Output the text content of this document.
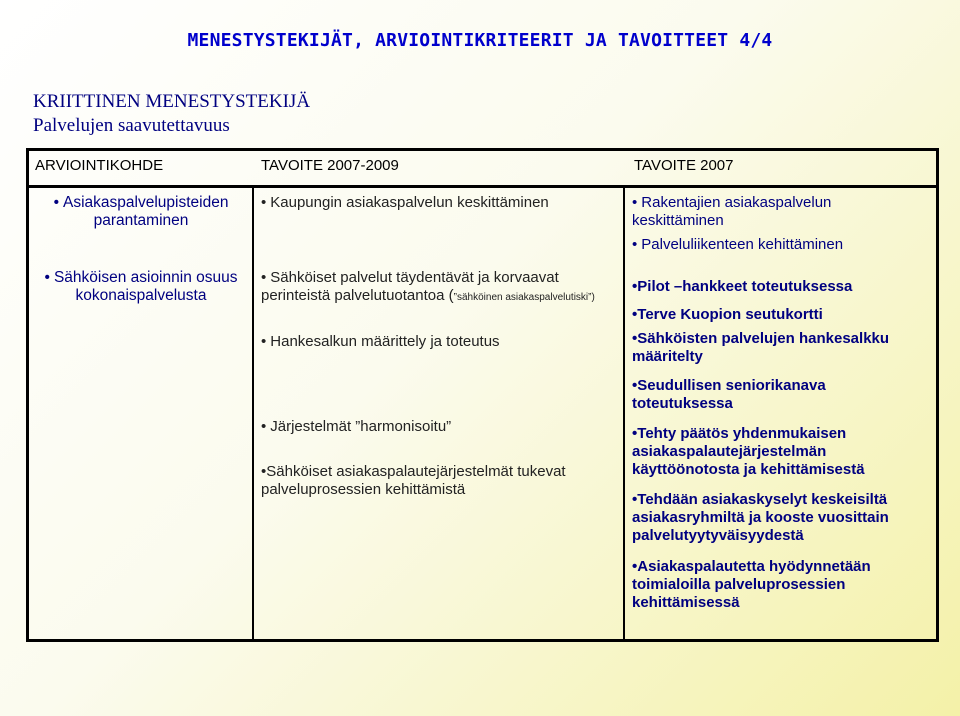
MENESTYSTEKIJÄT, ARVIOINTIKRITEERIT JA TAVOITTEET 4/4
KRIITTINEN MENESTYSTEKIJÄ
Palvelujen saavutettavuus
ARVIOINTIKOHDE	TAVOITE 2007-2009	TAVOITE 2007
• Asiakaspalvelupisteiden parantaminen
• Sähköisen asioinnin osuus kokonaispalvelusta
• Kaupungin asiakaspalvelun keskittäminen
• Sähköiset palvelut täydentävät ja korvaavat perinteistä palvelutuotantoa (”sähköinen asiakaspalvelutiski”)
• Hankesalkun määrittely ja toteutus
• Järjestelmät ”harmonisoitu”
•Sähköiset asiakaspalautejärjestelmät tukevat palveluprosessien kehittämistä
• Rakentajien asiakaspalvelun keskittäminen
• Palveluliikenteen kehittäminen
•Pilot –hankkeet toteutuksessa
•Terve Kuopion seutukortti
•Sähköisten palvelujen hankesalkku määritelty
•Seudullisen seniorikanava toteutuksessa
•Tehty päätös yhdenmukaisen asiakaspalautejärjestelmän käyttöönotosta ja kehittämisestä
•Tehdään asiakaskyselyt keskeisiltä asiakasryhmiltä ja kooste vuosittain palvelutyytyväisyydestä
•Asiakaspalautetta hyödynnetään toimialoilla palveluprosessien kehittämisessä
